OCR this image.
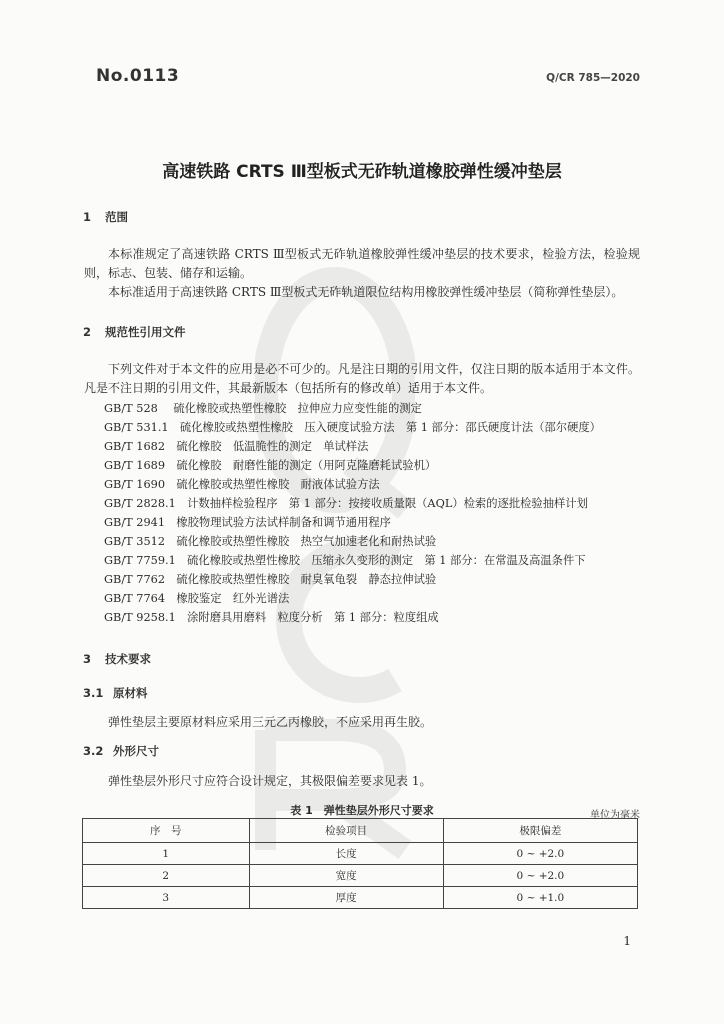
No.0113	Q/CR 785—2020
高速铁路 CRTS Ⅲ型板式无砟轨道橡胶弹性缓冲垫层
1 范围
本标准规定了高速铁路 CRTS Ⅲ型板式无砟轨道橡胶弹性缓冲垫层的技术要求，检验方法，检验规则，标志、包装、储存和运输。
本标准适用于高速铁路 CRTS Ⅲ型板式无砟轨道限位结构用橡胶弹性缓冲垫层（简称弹性垫层）。
2 规范性引用文件
下列文件对于本文件的应用是必不可少的。凡是注日期的引用文件，仅注日期的版本适用于本文件。凡是不注日期的引用文件，其最新版本（包括所有的修改单）适用于本文件。
GB/T 528　 硫化橡胶或热塑性橡胶　拉伸应力应变性能的测定
GB/T 531.1　 硫化橡胶或热塑性橡胶　压入硬度试验方法　第 1 部分：邵氏硬度计法（邵尔硬度）
GB/T 1682　 硫化橡胶　低温脆性的测定　单试样法
GB/T 1689　 硫化橡胶　耐磨性能的测定（用阿克隆磨耗试验机）
GB/T 1690　 硫化橡胶或热塑性橡胶　耐液体试验方法
GB/T 2828.1　 计数抽样检验程序　第 1 部分：按接收质量限（AQL）检索的逐批检验抽样计划
GB/T 2941　 橡胶物理试验方法试样制备和调节通用程序
GB/T 3512　 硫化橡胶或热塑性橡胶　热空气加速老化和耐热试验
GB/T 7759.1　 硫化橡胶或热塑性橡胶　压缩永久变形的测定　第 1 部分：在常温及高温条件下
GB/T 7762　 硫化橡胶或热塑性橡胶　耐臭氧龟裂　静态拉伸试验
GB/T 7764　 橡胶鉴定　红外光谱法
GB/T 9258.1　 涂附磨具用磨料　粒度分析　第 1 部分：粒度组成
3 技术要求
3.1 原材料
弹性垫层主要原材料应采用三元乙丙橡胶，不应采用再生胶。
3.2 外形尺寸
弹性垫层外形尺寸应符合设计规定，其极限偏差要求见表 1。
表 1　弹性垫层外形尺寸要求	单位为毫米
序　号	检验项目	极限偏差
1	长度	0 ~ +2.0
2	宽度	0 ~ +2.0
3	厚度	0 ~ +1.0
1
